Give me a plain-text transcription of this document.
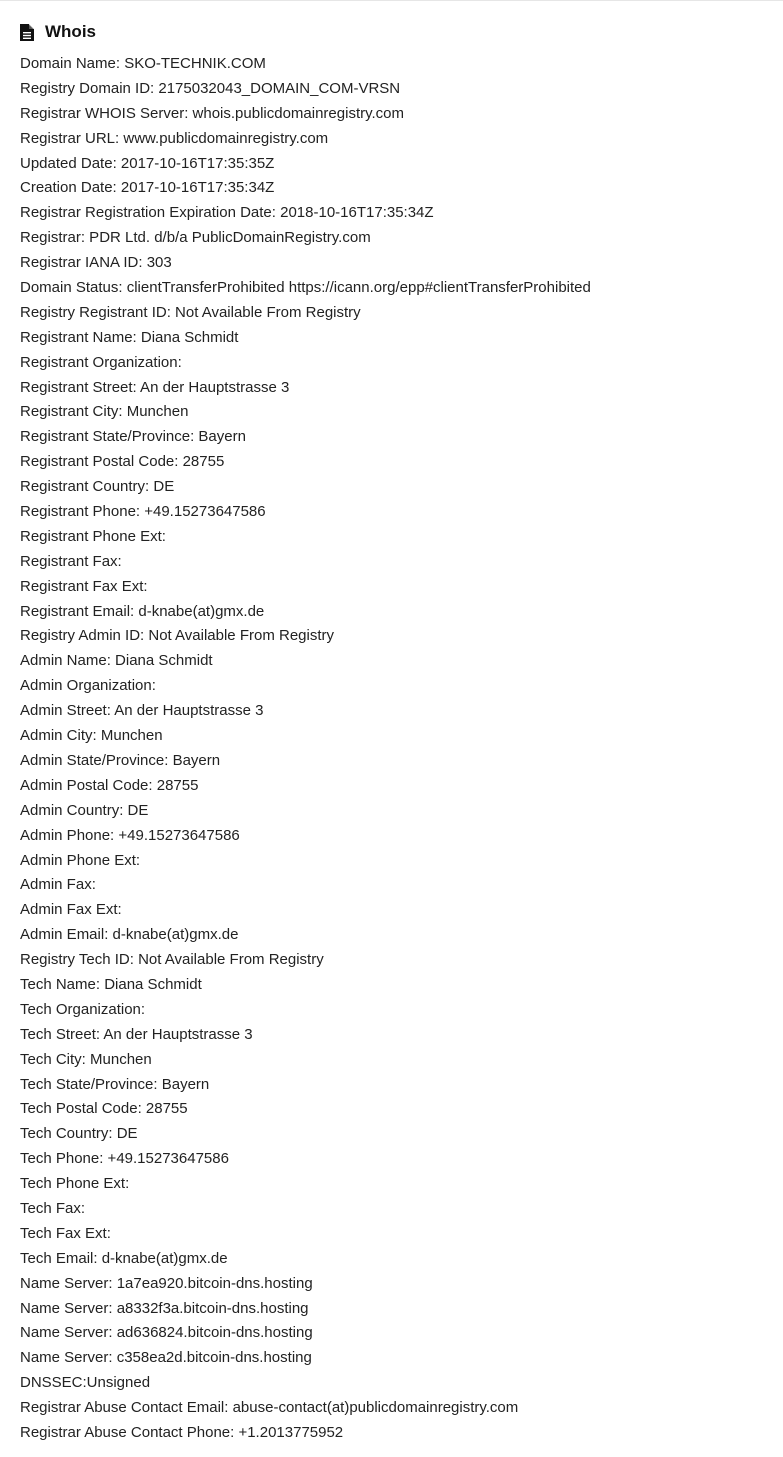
Whois
Domain Name: SKO-TECHNIK.COM
Registry Domain ID: 2175032043_DOMAIN_COM-VRSN
Registrar WHOIS Server: whois.publicdomainregistry.com
Registrar URL: www.publicdomainregistry.com
Updated Date: 2017-10-16T17:35:35Z
Creation Date: 2017-10-16T17:35:34Z
Registrar Registration Expiration Date: 2018-10-16T17:35:34Z
Registrar: PDR Ltd. d/b/a PublicDomainRegistry.com
Registrar IANA ID: 303
Domain Status: clientTransferProhibited https://icann.org/epp#clientTransferProhibited
Registry Registrant ID: Not Available From Registry
Registrant Name: Diana Schmidt
Registrant Organization:
Registrant Street: An der Hauptstrasse 3
Registrant City: Munchen
Registrant State/Province: Bayern
Registrant Postal Code: 28755
Registrant Country: DE
Registrant Phone: +49.15273647586
Registrant Phone Ext:
Registrant Fax:
Registrant Fax Ext:
Registrant Email: d-knabe(at)gmx.de
Registry Admin ID: Not Available From Registry
Admin Name: Diana Schmidt
Admin Organization:
Admin Street: An der Hauptstrasse 3
Admin City: Munchen
Admin State/Province: Bayern
Admin Postal Code: 28755
Admin Country: DE
Admin Phone: +49.15273647586
Admin Phone Ext:
Admin Fax:
Admin Fax Ext:
Admin Email: d-knabe(at)gmx.de
Registry Tech ID: Not Available From Registry
Tech Name: Diana Schmidt
Tech Organization:
Tech Street: An der Hauptstrasse 3
Tech City: Munchen
Tech State/Province: Bayern
Tech Postal Code: 28755
Tech Country: DE
Tech Phone: +49.15273647586
Tech Phone Ext:
Tech Fax:
Tech Fax Ext:
Tech Email: d-knabe(at)gmx.de
Name Server: 1a7ea920.bitcoin-dns.hosting
Name Server: a8332f3a.bitcoin-dns.hosting
Name Server: ad636824.bitcoin-dns.hosting
Name Server: c358ea2d.bitcoin-dns.hosting
DNSSEC:Unsigned
Registrar Abuse Contact Email: abuse-contact(at)publicdomainregistry.com
Registrar Abuse Contact Phone: +1.2013775952
